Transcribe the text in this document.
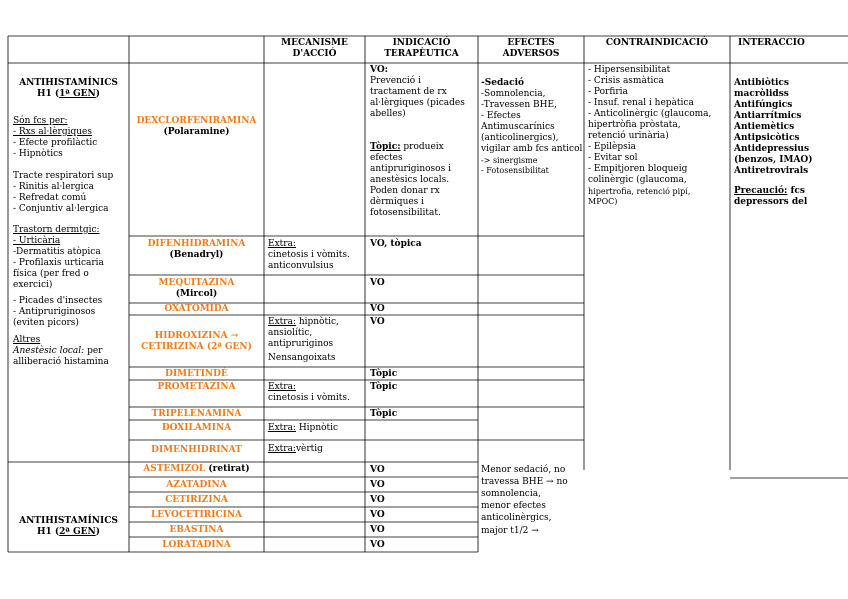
MECANISME D'ACCIÓ
INDICACIÓ TERAPÈUTICA
EFECTES ADVERSOS
CONTRAINDICACIÓ	INTERACCIO
ANTIHISTAMÍNICS
H1 (1ª GEN)
Són fcs per:
- Rxs al·lèrgiques
- Efecte profilàctic
- Hipnòtics
Tracte respiratori sup
- Rinitis al·lergica
- Refredat comú
- Conjuntiv al·lergica
Trastorn dermtgic:
- Urticària
-Dermatitis atòpica
- Profilaxis urticaria
física (per fred o
exercici)
- Picades d'insectes
- Antipruriginosos
(eviten picors)
Altres
Anestèsic local: per
alliberació histamina
ANTIHISTAMÍNICS
H1 (2ª GEN)
DEXCLORFENIRAMINA
(Polaramine)
DIFENHIDRAMINA
(Benadryl)
MEQUITAZINA
(Mircol)
OXATOMIDA
HIDROXIZINA →
CETIRIZINA (2ª GEN)
DIMETINDÈ
PROMETAZINA
TRIPELENAMINA
DOXILAMINA
DIMENHIDRINAT
ASTEMIZOL (retirat)
AZATADINA
CETIRIZINA
LEVOCETIRICINA
EBASTINA
LORATADINA
Extra:
cinetosis i vòmits.
anticonvulsius
Extra: hipnòtic,
ansiolític,
antipruriginos
Nensangoixats
Extra:
cinetosis i vòmits.
Extra: Hipnòtic
Extra:vèrtig
VO:
Prevenció i
tractament de rx
al·lèrgiques (picades
abelles)
Tòpic: produeix
efectes
antipruriginosos i
anestèsics locals.
Poden donar rx
dèrmiques i
fotosensibilitat.
VO, tòpica
VO
VO
VO
Tòpic
Tòpic
Tòpic
VO
VO
VO
VO
VO
VO
-Sedació
-Somnolencia,
-Travessen BHE,
- Efectes
Antimuscarínics
(anticolinergics),
vigilar amb fcs anticol
-> sinergisme
- Fotosensibilitat
Menor sedació, no
travessa BHE → no
somnolencia,
menor efectes
anticolinèrgics,
major t1/2 →
- Hipersensibilitat
- Crisis asmàtica
- Porfiria
- Insuf. renal i hepàtica
- Anticolinèrgic (glaucoma,
hipertròfia pròstata,
retenció urinària)
- Epilèpsia
- Evitar sol
- Empitjoren bloqueig
colinèrgic (glaucoma,
hipertrofia, retenció pipí,
MPOC)
Antibiòtics
macròlidss
Antifúngics
Antiarrítmics
Antiemètics
Antipsicòtics
Antidepressius
(benzos, IMAO)
Antiretrovirals
Precaució: fcs
depressors del
